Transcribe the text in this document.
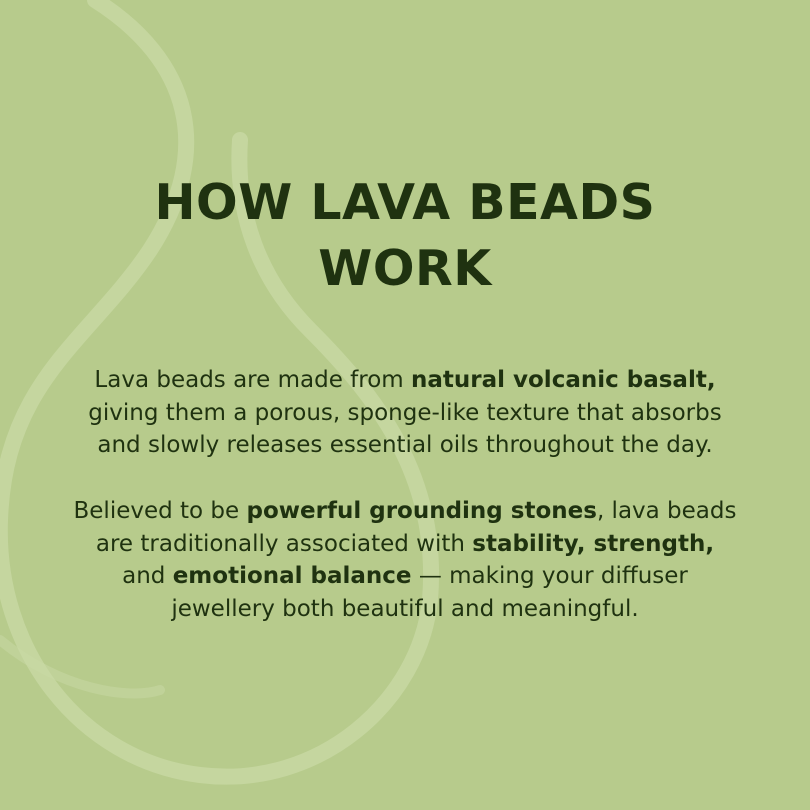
HOW LAVA BEADS
WORK

Lava beads are made from natural volcanic basalt,
giving them a porous, sponge-like texture that absorbs
and slowly releases essential oils throughout the day.

Believed to be powerful grounding stones, lava beads
are traditionally associated with stability, strength,
and emotional balance — making your diffuser
jewellery both beautiful and meaningful.
